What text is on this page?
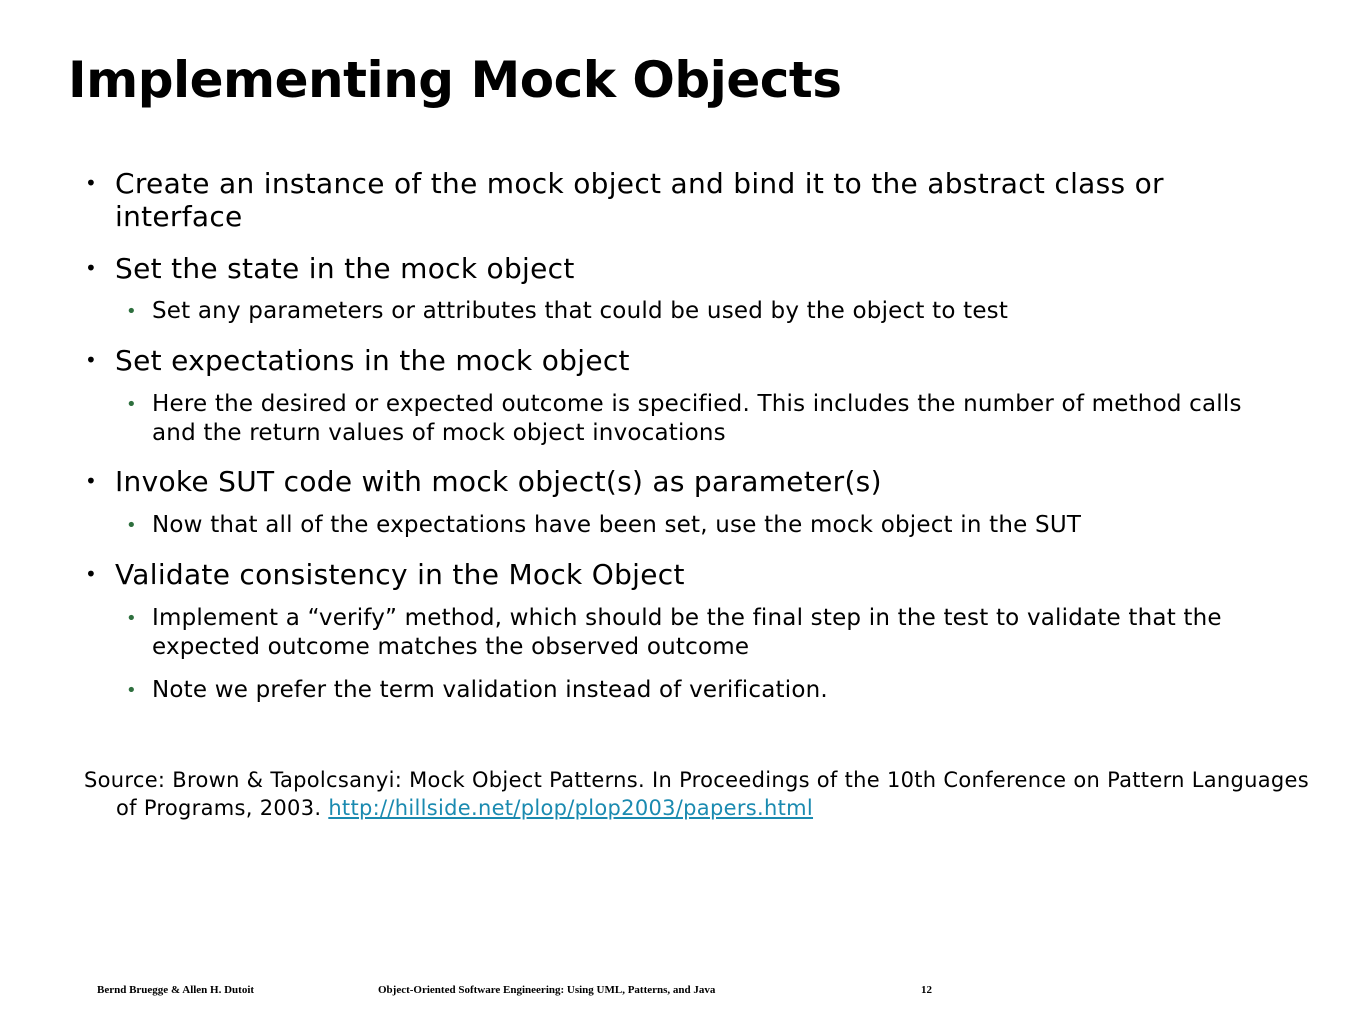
Implementing Mock Objects
• Create an instance of the mock object and bind it to the abstract class or interface
• Set the state in the mock object
• Set any parameters or attributes that could be used by the object to test
• Set expectations in the mock object
• Here the desired or expected outcome is specified. This includes the number of method calls and the return values of mock object invocations
• Invoke SUT code with mock object(s) as parameter(s)
• Now that all of the expectations have been set, use the mock object in the SUT
• Validate consistency in the Mock Object
• Implement a “verify” method, which should be the final step in the test to validate that the expected outcome matches the observed outcome
• Note we prefer the term validation instead of verification.
Source: Brown & Tapolcsanyi: Mock Object Patterns. In Proceedings of the 10th Conference on Pattern Languages of Programs, 2003. http://hillside.net/plop/plop2003/papers.html
Bernd Bruegge & Allen H. Dutoit	Object-Oriented Software Engineering: Using UML, Patterns, and Java	12
